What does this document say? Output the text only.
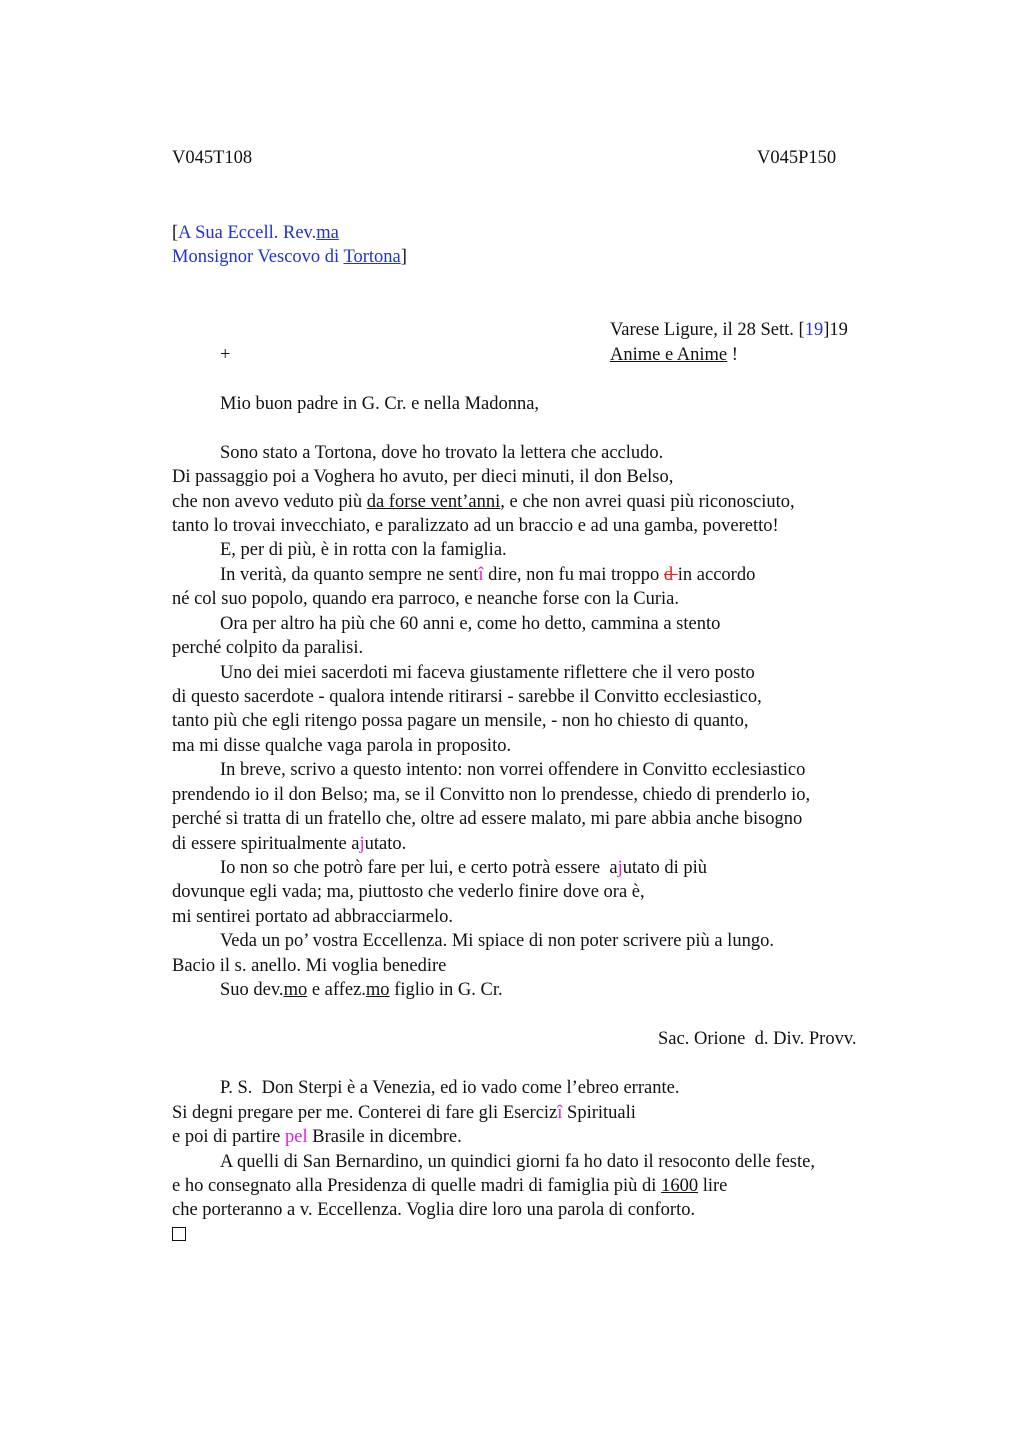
V045T108	V045P150
[A Sua Eccell. Rev.ma
Monsignor Vescovo di Tortona]
Varese Ligure, il 28 Sett. [19]19
+	Anime e Anime !
Mio buon padre in G. Cr. e nella Madonna,
Sono stato a Tortona, dove ho trovato la lettera che accludo.
Di passaggio poi a Voghera ho avuto, per dieci minuti, il don Belso,
che non avevo veduto più da forse vent’anni, e che non avrei quasi più riconosciuto,
tanto lo trovai invecchiato, e paralizzato ad un braccio e ad una gamba, poveretto!
E, per di più, è in rotta con la famiglia.
In verità, da quanto sempre ne sentî dire, non fu mai troppo d in accordo
né col suo popolo, quando era parroco, e neanche forse con la Curia.
Ora per altro ha più che 60 anni e, come ho detto, cammina a stento
perché colpito da paralisi.
Uno dei miei sacerdoti mi faceva giustamente riflettere che il vero posto
di questo sacerdote - qualora intende ritirarsi - sarebbe il Convitto ecclesiastico,
tanto più che egli ritengo possa pagare un mensile, - non ho chiesto di quanto,
ma mi disse qualche vaga parola in proposito.
In breve, scrivo a questo intento: non vorrei offendere in Convitto ecclesiastico
prendendo io il don Belso; ma, se il Convitto non lo prendesse, chiedo di prenderlo io,
perché si tratta di un fratello che, oltre ad essere malato, mi pare abbia anche bisogno
di essere spiritualmente ajutato.
Io non so che potrò fare per lui, e certo potrà essere  ajutato di più
dovunque egli vada; ma, piuttosto che vederlo finire dove ora è,
mi sentirei portato ad abbracciarmelo.
Veda un po’ vostra Eccellenza. Mi spiace di non poter scrivere più a lungo.
Bacio il s. anello. Mi voglia benedire
Suo dev.mo e affez.mo figlio in G. Cr.
Sac. Orione  d. Div. Provv.
P. S.  Don Sterpi è a Venezia, ed io vado come l’ebreo errante.
Si degni pregare per me. Conterei di fare gli Esercizî Spirituali
e poi di partire pel Brasile in dicembre.
A quelli di San Bernardino, un quindici giorni fa ho dato il resoconto delle feste,
e ho consegnato alla Presidenza di quelle madri di famiglia più di 1600 lire
che porteranno a v. Eccellenza. Voglia dire loro una parola di conforto.
